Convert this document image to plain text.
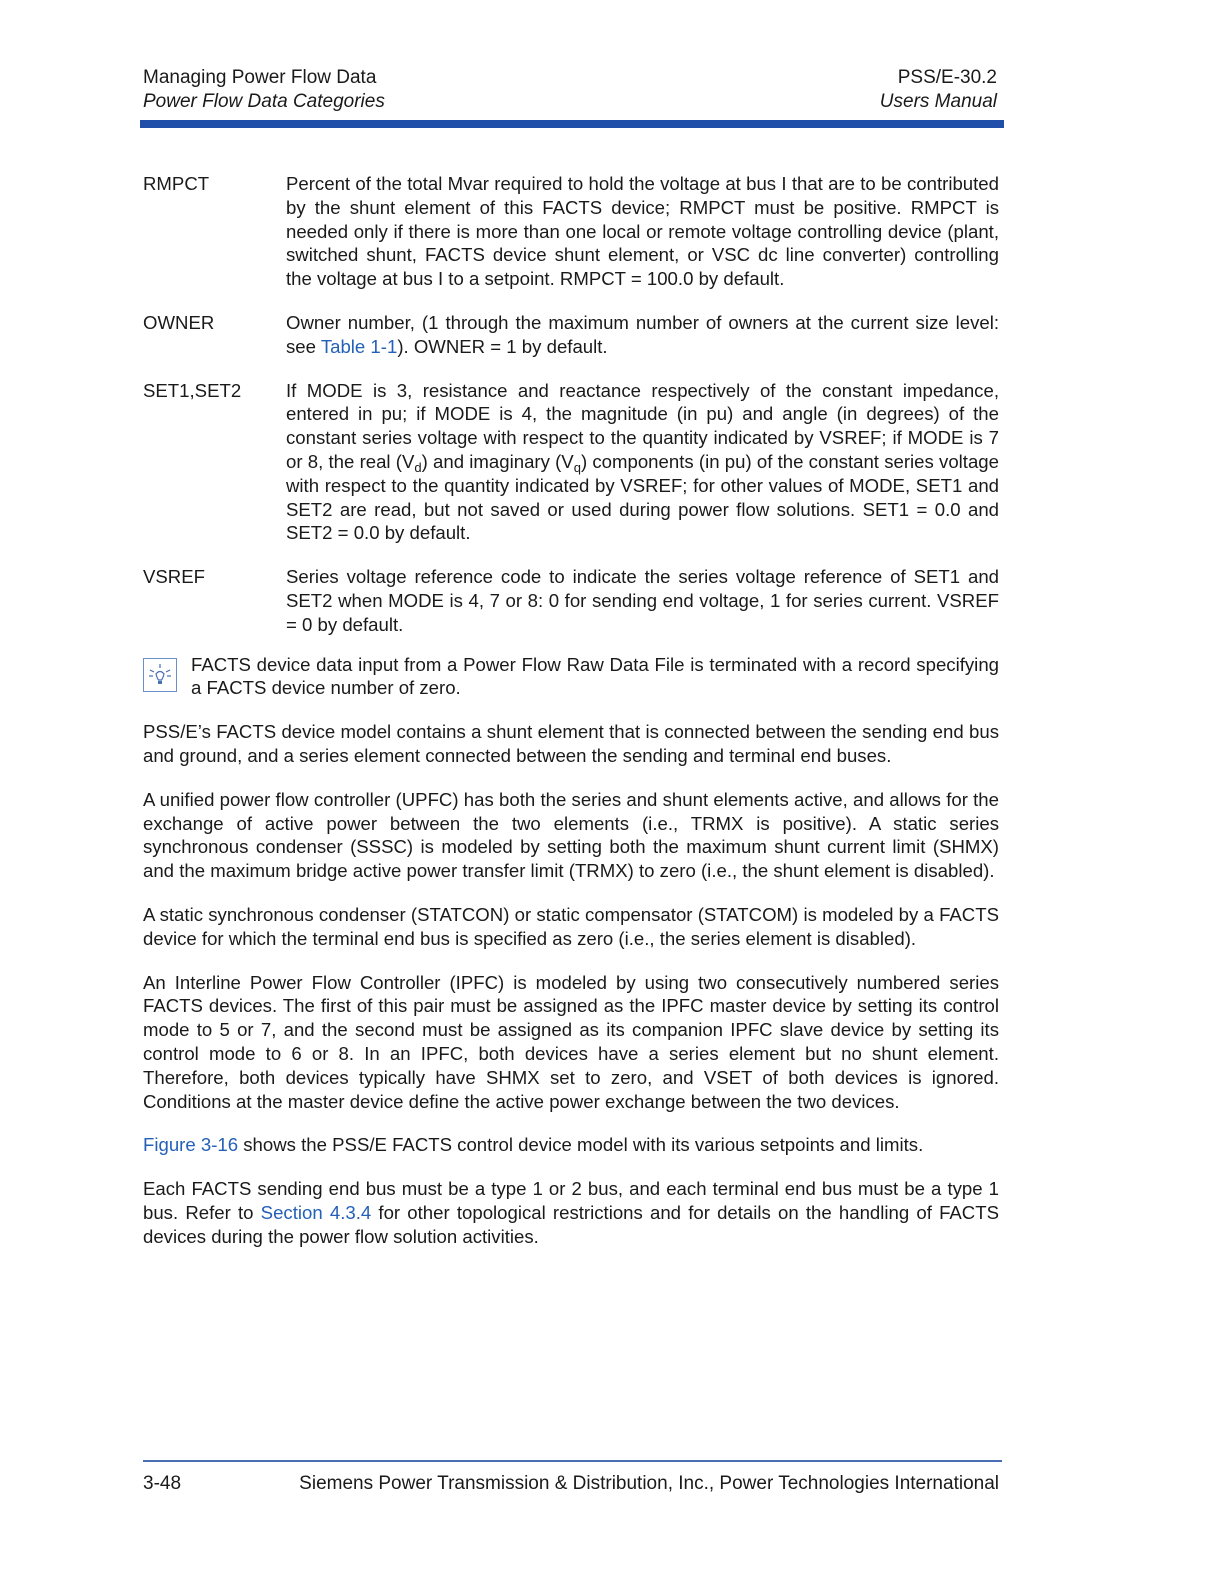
Managing Power Flow Data
Power Flow Data Categories
PSS/E-30.2
Users Manual
RMPCT	Percent of the total Mvar required to hold the voltage at bus I that are to be contributed by the shunt element of this FACTS device; RMPCT must be positive. RMPCT is needed only if there is more than one local or remote voltage controlling device (plant, switched shunt, FACTS device shunt element, or VSC dc line converter) controlling the voltage at bus I to a setpoint. RMPCT = 100.0 by default.
OWNER	Owner number, (1 through the maximum number of owners at the current size level: see Table 1-1). OWNER = 1 by default.
SET1,SET2	If MODE is 3, resistance and reactance respectively of the constant impedance, entered in pu; if MODE is 4, the magnitude (in pu) and angle (in degrees) of the constant series voltage with respect to the quantity indicated by VSREF; if MODE is 7 or 8, the real $(V_d)$ and imaginary $(V_q)$ components (in pu) of the constant series voltage with respect to the quantity indicated by VSREF; for other values of MODE, SET1 and SET2 are read, but not saved or used during power flow solutions. SET1 = 0.0 and SET2 = 0.0 by default.
VSREF	Series voltage reference code to indicate the series voltage reference of SET1 and SET2 when MODE is 4, 7 or 8: 0 for sending end voltage, 1 for series current. VSREF = 0 by default.
FACTS device data input from a Power Flow Raw Data File is terminated with a record specifying a FACTS device number of zero.

PSS/E’s FACTS device model contains a shunt element that is connected between the sending end bus and ground, and a series element connected between the sending and terminal end buses.

A unified power flow controller (UPFC) has both the series and shunt elements active, and allows for the exchange of active power between the two elements (i.e., TRMX is positive). A static series synchronous condenser (SSSC) is modeled by setting both the maximum shunt current limit (SHMX) and the maximum bridge active power transfer limit (TRMX) to zero (i.e., the shunt element is disabled).

A static synchronous condenser (STATCON) or static compensator (STATCOM) is modeled by a FACTS device for which the terminal end bus is specified as zero (i.e., the series element is disabled).

An Interline Power Flow Controller (IPFC) is modeled by using two consecutively numbered series FACTS devices. The first of this pair must be assigned as the IPFC master device by setting its control mode to 5 or 7, and the second must be assigned as its companion IPFC slave device by setting its control mode to 6 or 8. In an IPFC, both devices have a series element but no shunt element. Therefore, both devices typically have SHMX set to zero, and VSET of both devices is ignored. Conditions at the master device define the active power exchange between the two devices.

Figure 3-16 shows the PSS/E FACTS control device model with its various setpoints and limits.

Each FACTS sending end bus must be a type 1 or 2 bus, and each terminal end bus must be a type 1 bus. Refer to Section 4.3.4 for other topological restrictions and for details on the handling of FACTS devices during the power flow solution activities.

3-48	Siemens Power Transmission & Distribution, Inc., Power Technologies International
